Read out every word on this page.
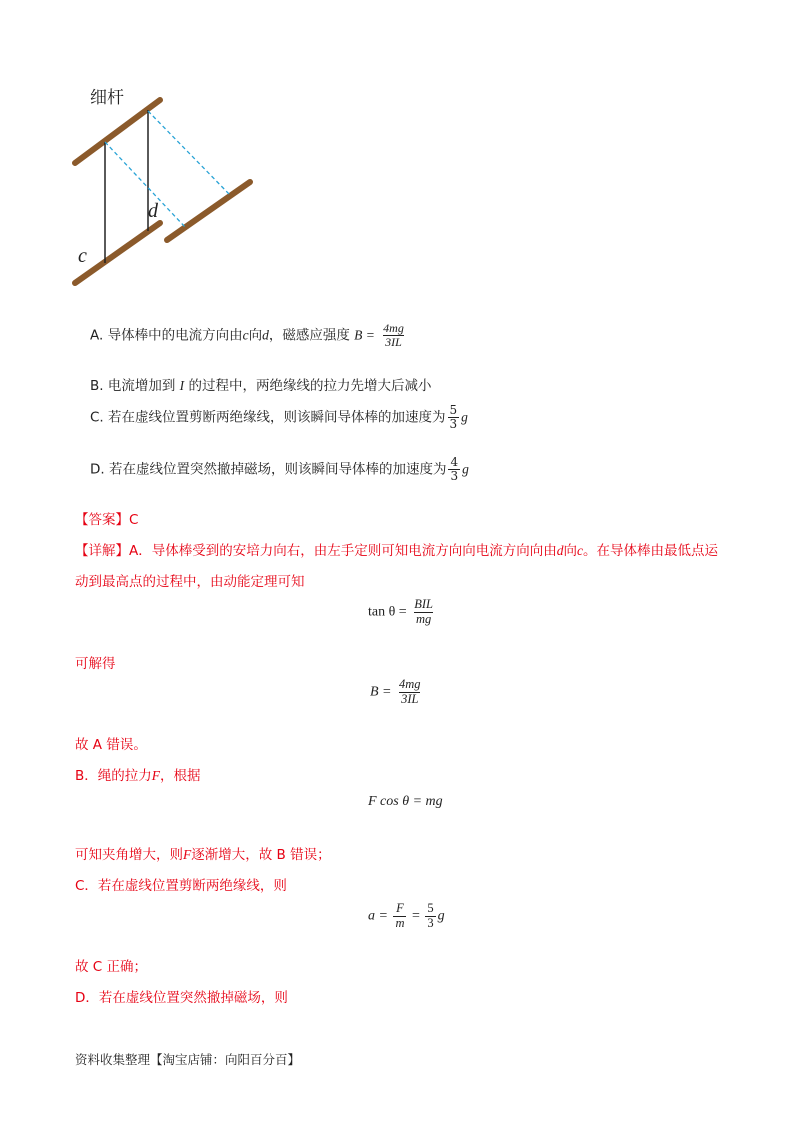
细杆
d
c
A. 导体棒中的电流方向由c向d，磁感应强度 $B = \frac{4mg}{3IL}$
B. 电流增加到 I 的过程中，两绝缘线的拉力先增大后减小
C. 若在虚线位置剪断两绝缘线，则该瞬间导体棒的加速度为 $\frac{5}{3}$ g
D. 若在虚线位置突然撤掉磁场，则该瞬间导体棒的加速度为 $\frac{4}{3}$ g
【答案】C
【详解】A．导体棒受到的安培力向右，由左手定则可知电流方向向电流方向向由d向c。在导体棒由最低点运
动到最高点的过程中，由动能定理可知
$\tan \theta = \frac{\text{BIL}}{mg}$
可解得
$B = \frac{4mg}{3IL}$
故 A 错误。
B．绳的拉力F，根据
F cos θ = mg
可知夹角增大，则F逐渐增大，故 B 错误；
C．若在虚线位置剪断两绝缘线，则
$a = \frac{F}{m} = \frac{5}{3}$ g
故 C 正确；
D．若在虚线位置突然撤掉磁场，则
资料收集整理【淘宝店铺：向阳百分百】
